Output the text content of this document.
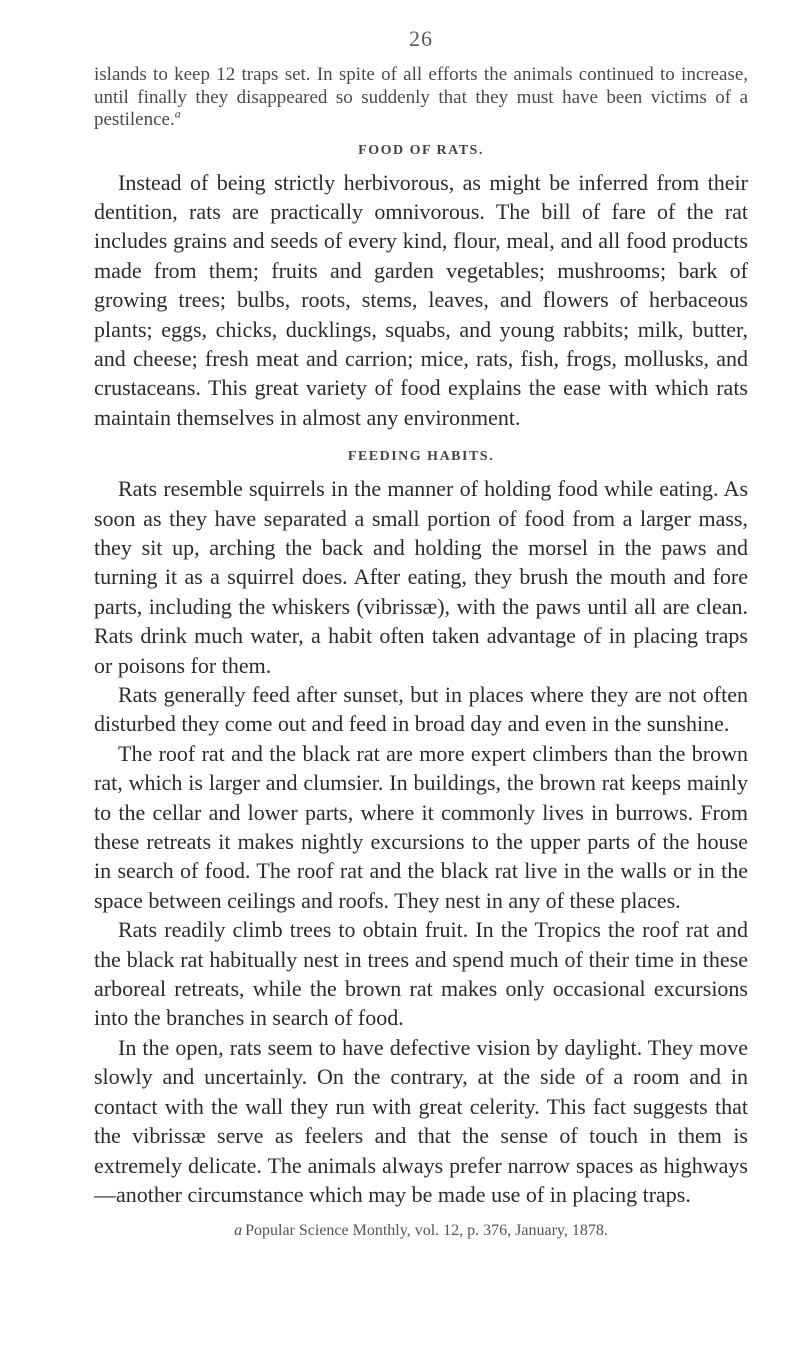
26

islands to keep 12 traps set. In spite of all efforts the animals continued to increase, until finally they disappeared so suddenly that they must have been victims of a pestilence.$^a$

FOOD OF RATS.

Instead of being strictly herbivorous, as might be inferred from their dentition, rats are practically omnivorous. The bill of fare of the rat includes grains and seeds of every kind, flour, meal, and all food products made from them; fruits and garden vegetables; mushrooms; bark of growing trees; bulbs, roots, stems, leaves, and flowers of herbaceous plants; eggs, chicks, ducklings, squabs, and young rabbits; milk, butter, and cheese; fresh meat and carrion; mice, rats, fish, frogs, mollusks, and crustaceans. This great variety of food explains the ease with which rats maintain themselves in almost any environment.

FEEDING HABITS.

Rats resemble squirrels in the manner of holding food while eating. As soon as they have separated a small portion of food from a larger mass, they sit up, arching the back and holding the morsel in the paws and turning it as a squirrel does. After eating, they brush the mouth and fore parts, including the whiskers (vibrissæ), with the paws until all are clean. Rats drink much water, a habit often taken advantage of in placing traps or poisons for them.

Rats generally feed after sunset, but in places where they are not often disturbed they come out and feed in broad day and even in the sunshine.

The roof rat and the black rat are more expert climbers than the brown rat, which is larger and clumsier. In buildings, the brown rat keeps mainly to the cellar and lower parts, where it commonly lives in burrows. From these retreats it makes nightly excursions to the upper parts of the house in search of food. The roof rat and the black rat live in the walls or in the space between ceilings and roofs. They nest in any of these places.

Rats readily climb trees to obtain fruit. In the Tropics the roof rat and the black rat habitually nest in trees and spend much of their time in these arboreal retreats, while the brown rat makes only occasional excursions into the branches in search of food.

In the open, rats seem to have defective vision by daylight. They move slowly and uncertainly. On the contrary, at the side of a room and in contact with the wall they run with great celerity. This fact suggests that the vibrissæ serve as feelers and that the sense of touch in them is extremely delicate. The animals always prefer narrow spaces as highways—another circumstance which may be made use of in placing traps.

a Popular Science Monthly, vol. 12, p. 376, January, 1878.
